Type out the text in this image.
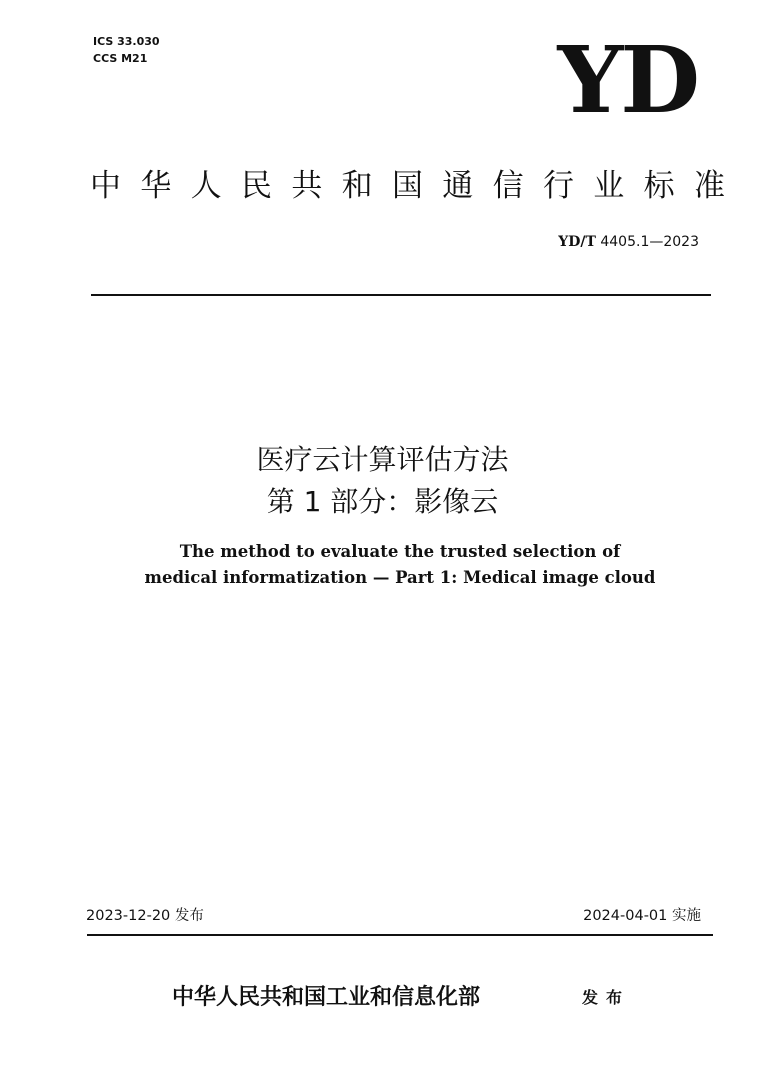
ICS 33.030
CCS M21	YD
中 华 人 民 共 和 国 通 信 行 业 标 准
YD/T 4405.1—2023
医疗云计算评估方法
第 1 部分：影像云
The method to evaluate the trusted selection of
medical informatization — Part 1: Medical image cloud
2023-12-20 发布	2024-04-01 实施
中华人民共和国工业和信息化部	发布
